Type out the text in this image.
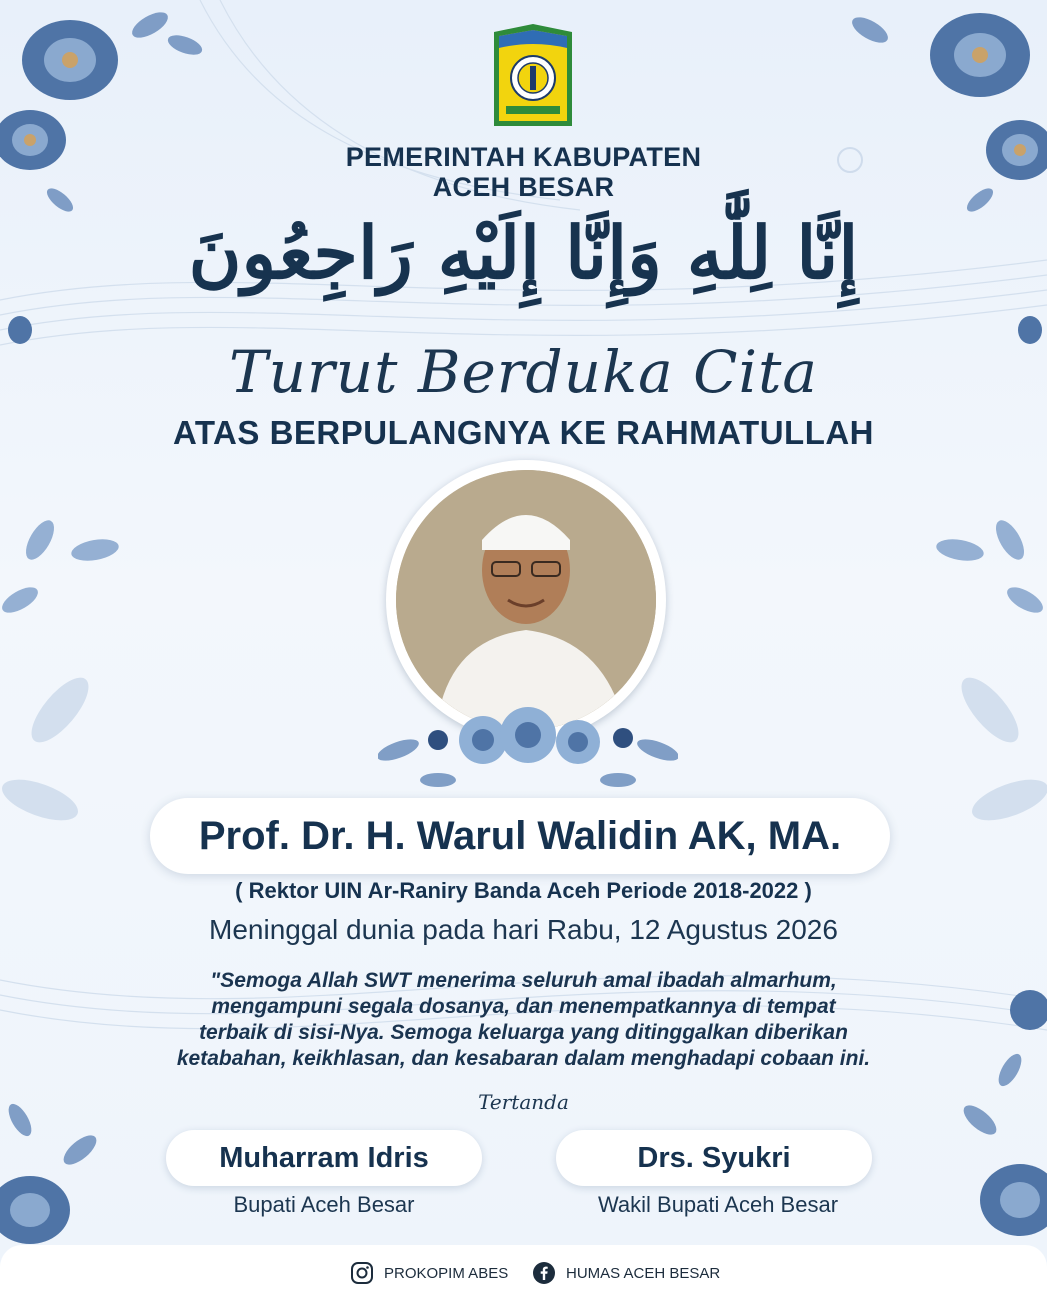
PEMERINTAH KABUPATEN
ACEH BESAR
إِنَّا لِلَّٰهِ وَإِنَّا إِلَيْهِ رَاجِعُونَ
Turut Berduka Cita
ATAS BERPULANGNYA KE RAHMATULLAH
Prof. Dr. H. Warul Walidin AK, MA.
( Rektor UIN Ar-Raniry Banda Aceh Periode 2018-2022 )
Meninggal dunia pada hari Rabu, 12 Agustus 2026
"Semoga Allah SWT menerima seluruh amal ibadah almarhum,
mengampuni segala dosanya, dan menempatkannya di tempat
terbaik di sisi-Nya. Semoga keluarga yang ditinggalkan diberikan
ketabahan, keikhlasan, dan kesabaran dalam menghadapi cobaan ini.
Tertanda
Muharram Idris
Bupati Aceh Besar
Drs. Syukri
Wakil Bupati Aceh Besar
PROKOPIM ABES	HUMAS ACEH BESAR
